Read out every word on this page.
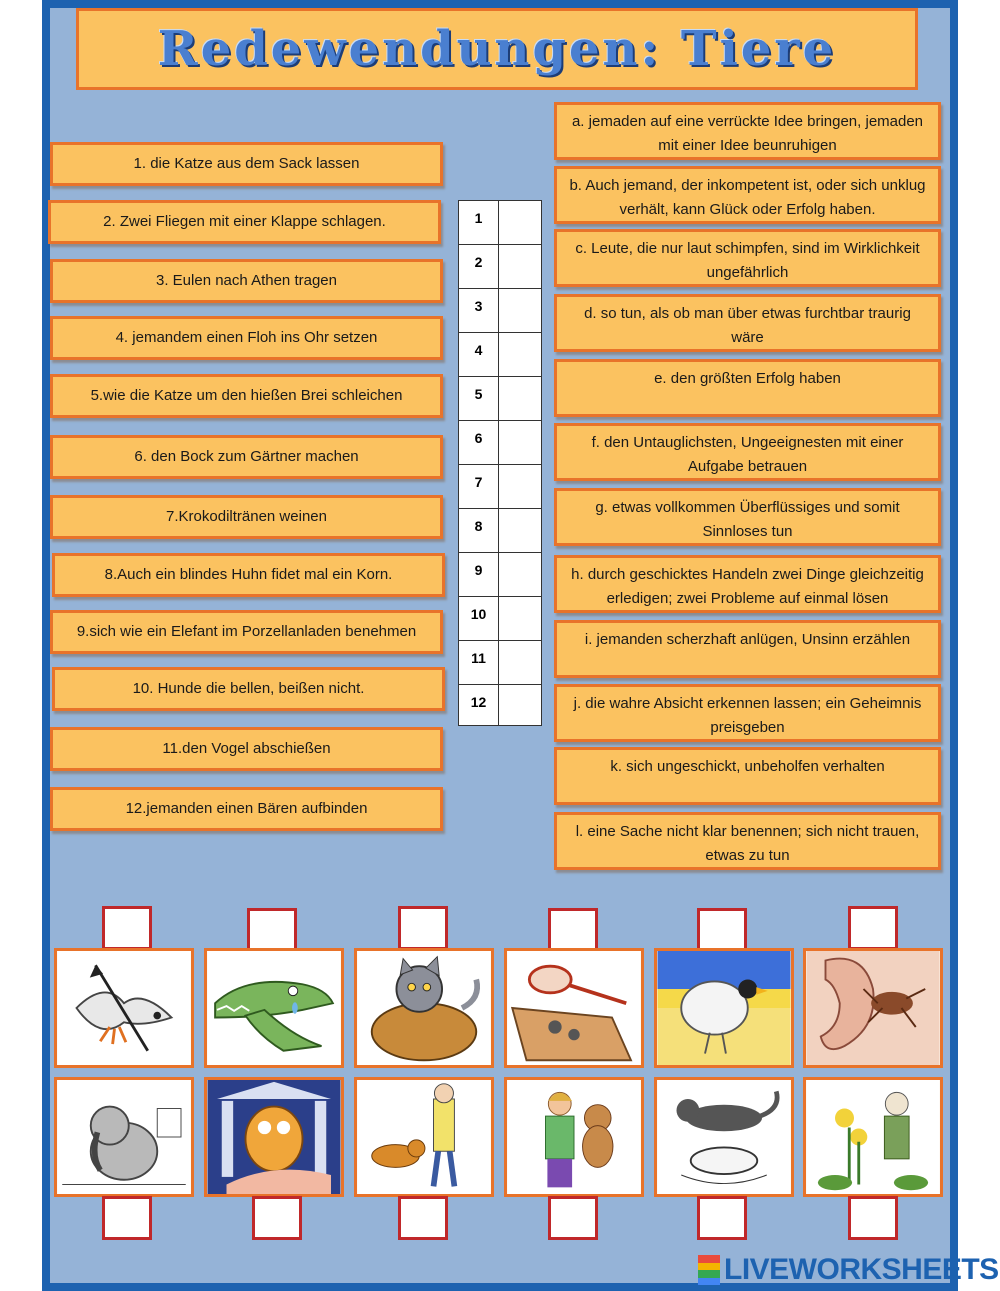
Redewendungen: Tiere
1. die Katze aus dem Sack lassen
2. Zwei Fliegen mit einer Klappe schlagen.
3. Eulen nach Athen tragen
4. jemandem einen Floh ins Ohr setzen
5.wie die Katze um den hießen Brei schleichen
6. den Bock zum Gärtner machen
7.Krokodiltränen weinen
8.Auch ein blindes Huhn fidet mal ein Korn.
9.sich wie ein Elefant im Porzellanladen benehmen
10. Hunde die bellen, beißen nicht.
11.den Vogel abschießen
12.jemanden einen Bären aufbinden
a. jemaden auf eine verrückte Idee bringen, jemaden mit einer Idee beunruhigen
b. Auch jemand, der inkompetent ist, oder sich unklug verhält, kann Glück oder Erfolg haben.
c. Leute, die nur laut schimpfen, sind im Wirklichkeit ungefährlich
d. so tun, als ob man über etwas furchtbar traurig wäre
e. den größten Erfolg haben
f. den Untauglichsten, Ungeeignesten mit einer Aufgabe betrauen
g. etwas vollkommen Überflüssiges und somit Sinnloses tun
h. durch geschicktes Handeln zwei Dinge gleichzeitig erledigen; zwei Probleme auf einmal lösen
i. jemanden scherzhaft anlügen, Unsinn erzählen
j. die wahre Absicht erkennen lassen; ein Geheimnis preisgeben
k. sich ungeschickt, unbeholfen verhalten
l. eine Sache nicht klar benennen; sich nicht trauen, etwas zu tun
1
2
3
4
5
6
7
8
9
10
11
12
LIVEWORKSHEETS
